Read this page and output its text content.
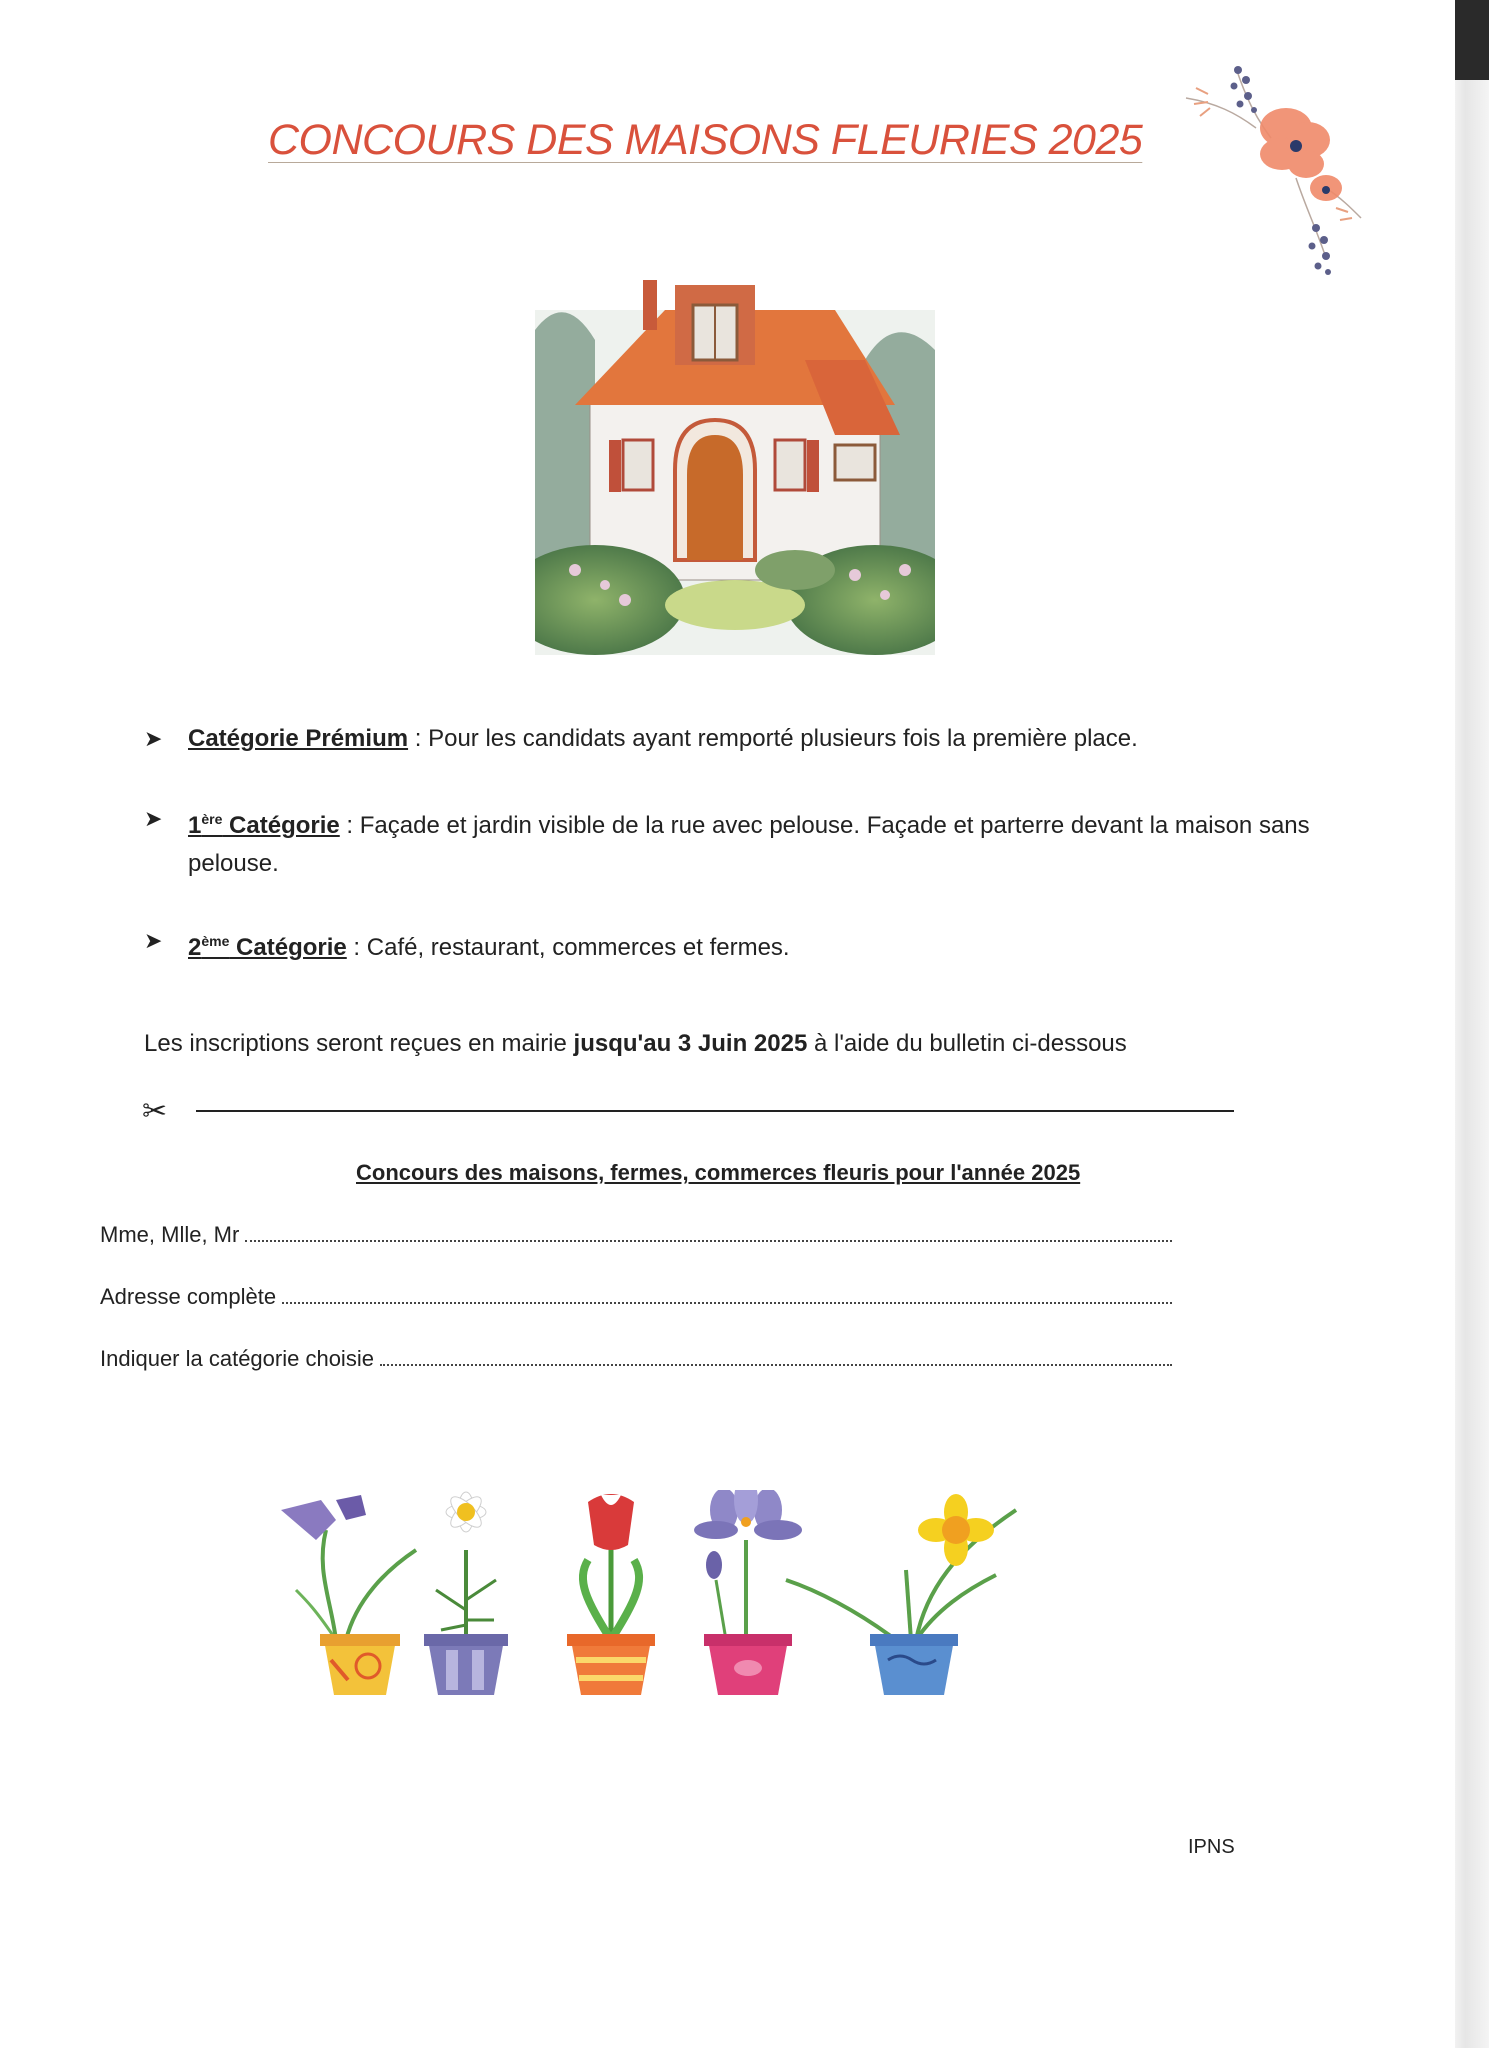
CONCOURS DES MAISONS FLEURIES 2025
➤ Catégorie Prémium : Pour les candidats ayant remporté plusieurs fois la première place.
➤ 1ère Catégorie : Façade et jardin visible de la rue avec pelouse. Façade et parterre devant la maison sans pelouse.
➤ 2ème Catégorie : Café, restaurant, commerces et fermes.
Les inscriptions seront reçues en mairie jusqu'au 3 Juin 2025 à l'aide du bulletin ci-dessous
✂
Concours des maisons, fermes, commerces fleuris pour l'année 2025
Mme, Mlle, Mr
Adresse complète
Indiquer la catégorie choisie
IPNS
